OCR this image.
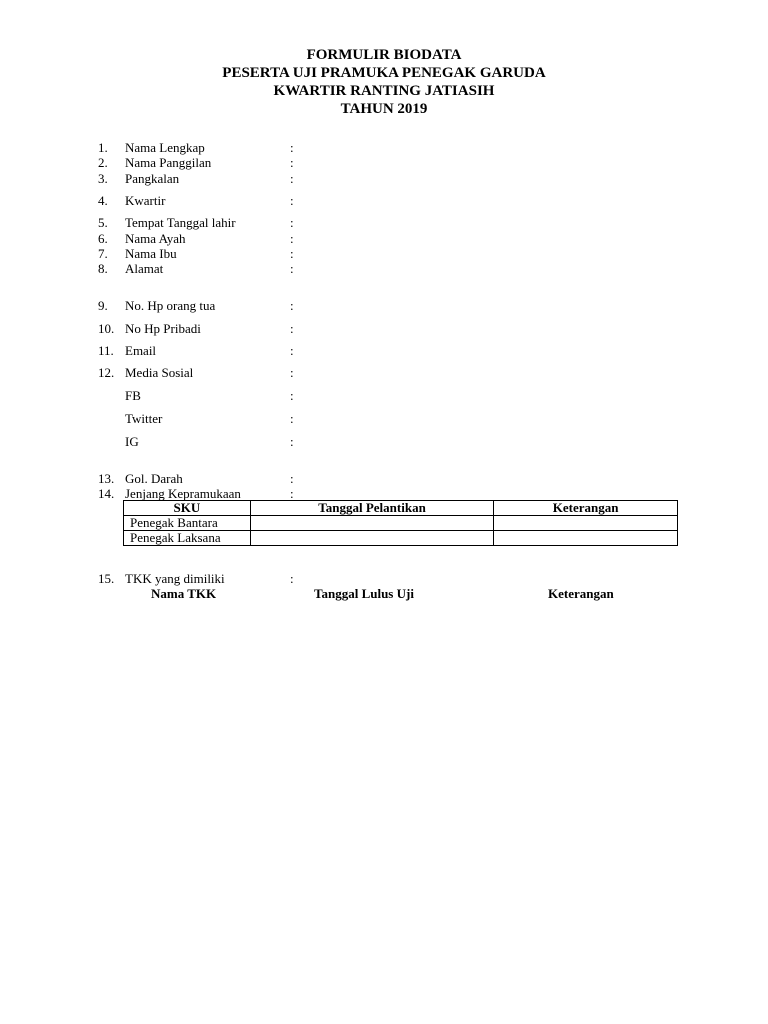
FORMULIR BIODATA
PESERTA UJI PRAMUKA PENEGAK GARUDA
KWARTIR RANTING JATIASIH
TAHUN 2019
1. Nama Lengkap	:
2. Nama Panggilan	:
3. Pangkalan	:
4. Kwartir	:
5. Tempat Tanggal lahir	:
6. Nama Ayah	:
7. Nama Ibu	:
8. Alamat	:
9. No. Hp orang tua	:
10. No Hp Pribadi	:
11. Email	:
12. Media Sosial	:
FB	:
Twitter	:
IG	:
13. Gol. Darah	:
14. Jenjang Kepramukaan	:
SKU	Tanggal Pelantikan	Keterangan
Penegak Bantara		
Penegak Laksana		
15. TKK yang dimiliki	:
Nama TKK	Tanggal Lulus Uji	Keterangan
